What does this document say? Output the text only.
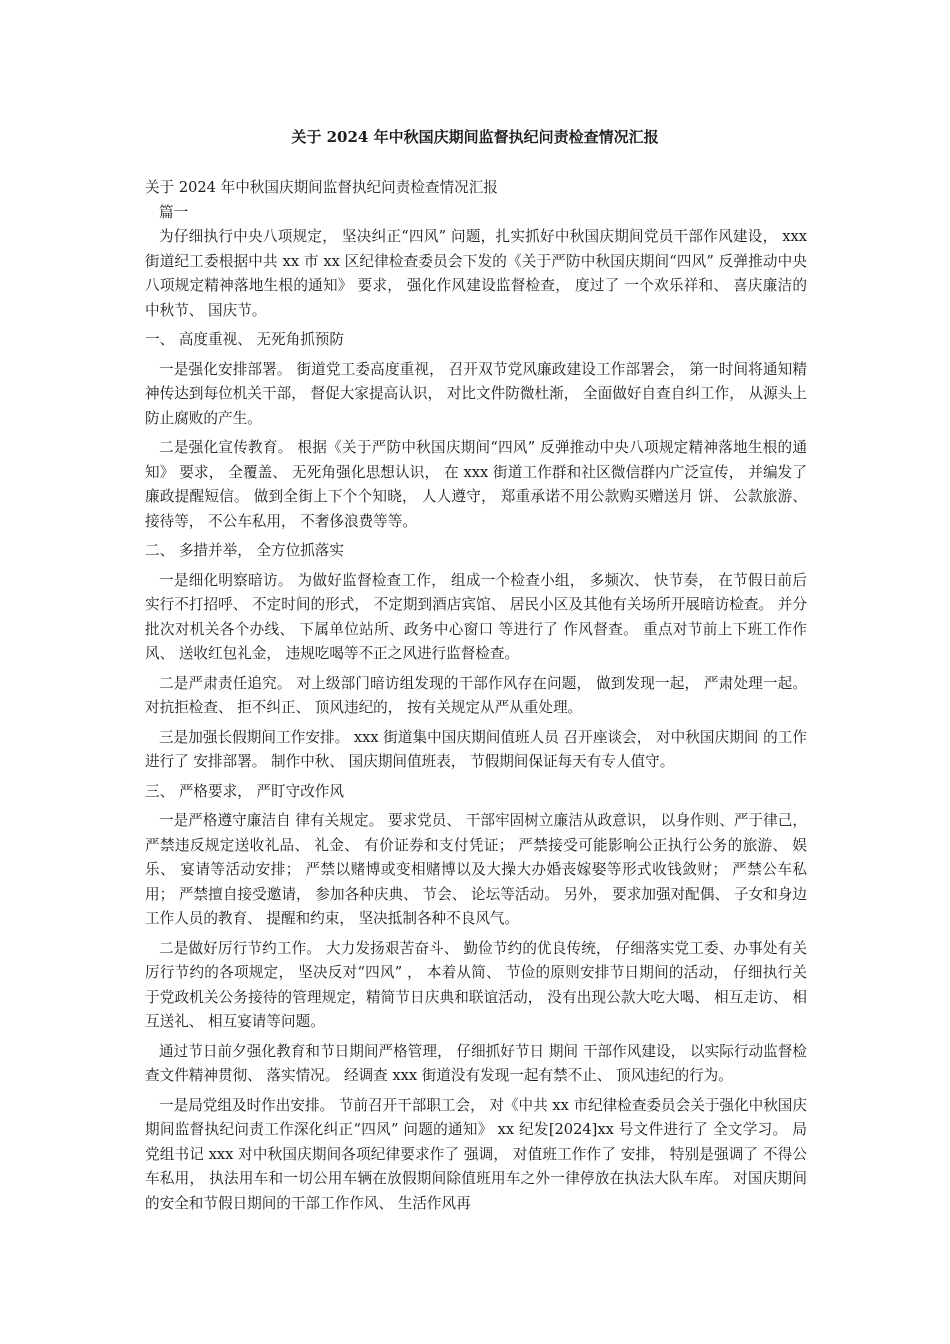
关于 2024 年中秋国庆期间监督执纪问责检查情况汇报

关于 2024 年中秋国庆期间监督执纪问责检查情况汇报

篇一

为仔细执行中央八项规定， 坚决纠正“四风” 问题，扎实抓好中秋国庆期间党员干部作风建设， xxx 街道纪工委根据中共 xx 市 xx 区纪律检查委员会下发的《关于严防中秋国庆期间“四风” 反弹推动中央八项规定精神落地生根的通知》 要求， 强化作风建设监督检查， 度过了 一个欢乐祥和、 喜庆廉洁的中秋节、 国庆节。

一、 高度重视、 无死角抓预防

一是强化安排部署。 街道党工委高度重视， 召开双节党风廉政建设工作部署会， 第一时间将通知精神传达到每位机关干部， 督促大家提高认识， 对比文件防微杜渐， 全面做好自查自纠工作， 从源头上防止腐败的产生。

二是强化宣传教育。 根据《关于严防中秋国庆期间“四风” 反弹推动中央八项规定精神落地生根的通知》 要求， 全覆盖、 无死角强化思想认识， 在 xxx 街道工作群和社区微信群内广泛宣传， 并编发了 廉政提醒短信。 做到全街上下个个知晓， 人人遵守， 郑重承诺不用公款购买赠送月 饼、 公款旅游、 接待等， 不公车私用， 不奢侈浪费等等。

二、 多措并举， 全方位抓落实

一是细化明察暗访。 为做好监督检查工作， 组成一个检查小组， 多频次、 快节奏， 在节假日前后实行不打招呼、 不定时间的形式， 不定期到酒店宾馆、 居民小区及其他有关场所开展暗访检查。 并分批次对机关各个办线、 下属单位站所、政务中心窗口 等进行了 作风督查。 重点对节前上下班工作作风、 送收红包礼金， 违规吃喝等不正之风进行监督检查。

二是严肃责任追究。 对上级部门暗访组发现的干部作风存在问题， 做到发现一起， 严肃处理一起。 对抗拒检查、 拒不纠正、 顶风违纪的， 按有关规定从严从重处理。

三是加强长假期间工作安排。 xxx 街道集中国庆期间值班人员 召开座谈会， 对中秋国庆期间 的工作进行了 安排部署。 制作中秋、 国庆期间值班表， 节假期间保证每天有专人值守。

三、 严格要求， 严盯守改作风

一是严格遵守廉洁自 律有关规定。 要求党员、 干部牢固树立廉洁从政意识， 以身作则、严于律己， 严禁违反规定送收礼品、 礼金、 有价证券和支付凭证； 严禁接受可能影响公正执行公务的旅游、 娱乐、 宴请等活动安排； 严禁以赌博或变相赌博以及大操大办婚丧嫁娶等形式收钱敛财； 严禁公车私用； 严禁擅自接受邀请， 参加各种庆典、 节会、 论坛等活动。 另外， 要求加强对配偶、 子女和身边工作人员的教育、 提醒和约束， 坚决抵制各种不良风气。

二是做好厉行节约工作。 大力发扬艰苦奋斗、 勤俭节约的优良传统， 仔细落实党工委、办事处有关厉行节约的各项规定， 坚决反对“四风” ， 本着从简、 节俭的原则安排节日期间的活动， 仔细执行关于党政机关公务接待的管理规定，精简节日庆典和联谊活动， 没有出现公款大吃大喝、 相互走访、 相互送礼、 相互宴请等问题。

通过节日前夕强化教育和节日期间严格管理， 仔细抓好节日 期间 干部作风建设， 以实际行动监督检查文件精神贯彻、 落实情况。 经调查 xxx 街道没有发现一起有禁不止、 顶风违纪的行为。

一是局党组及时作出安排。 节前召开干部职工会， 对《中共 xx 市纪律检查委员会关于强化中秋国庆期间监督执纪问责工作深化纠正“四风” 问题的通知》 xx 纪发[2024]xx 号文件进行了 全文学习。 局党组书记 xxx 对中秋国庆期间各项纪律要求作了 强调， 对值班工作作了 安排， 特别是强调了 不得公车私用， 执法用车和一切公用车辆在放假期间除值班用车之外一律停放在执法大队车库。 对国庆期间的安全和节假日期间的干部工作作风、 生活作风再
